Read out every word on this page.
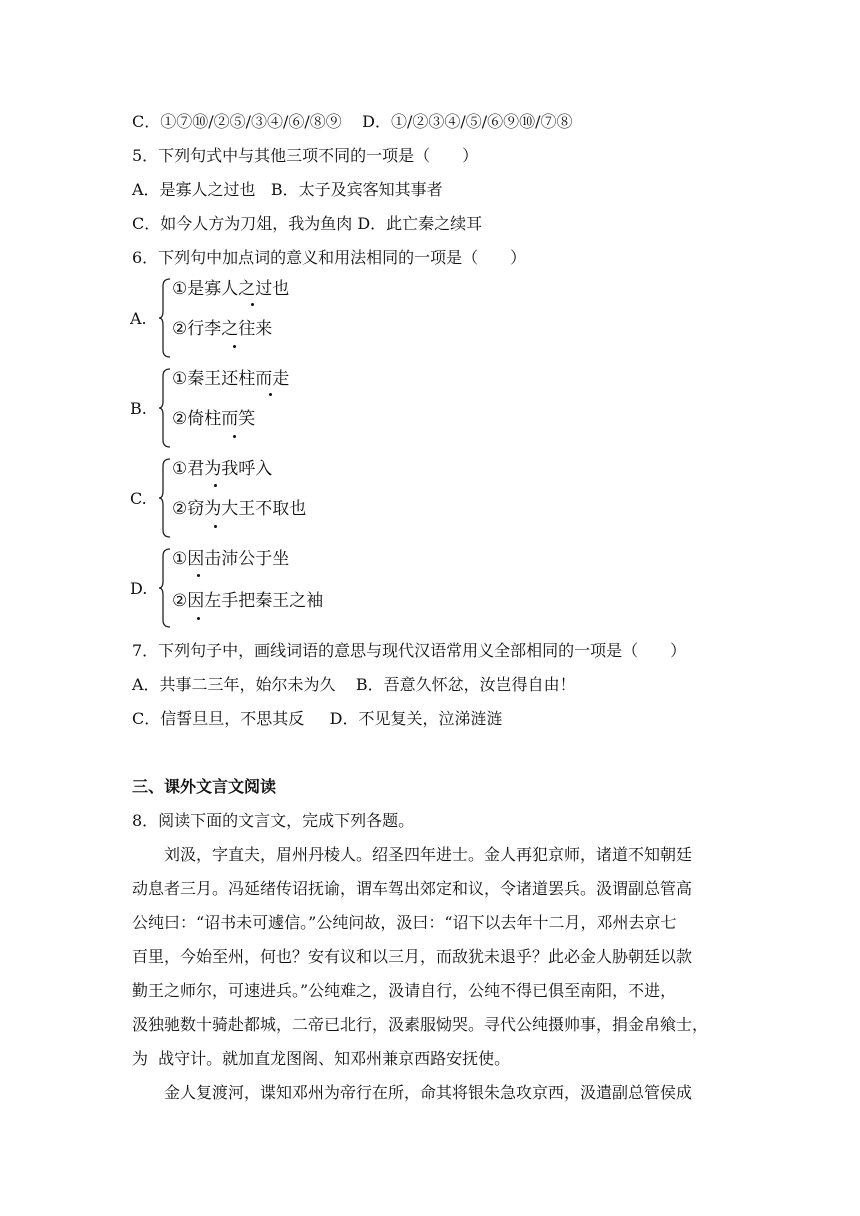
C．①⑦⑩/②⑤/③④/⑥/⑧⑨    D．①/②③④/⑤/⑥⑨⑩/⑦⑧
5．下列句式中与其他三项不同的一项是（　　）
A．是寡人之过也   B．太子及宾客知其事者
C．如今人方为刀俎，我为鱼肉 D．此亡秦之续耳
6．下列句中加点词的意义和用法相同的一项是（　　）
A.
①是寡人之过也
②行李之往来
B.
①秦王还柱而走
②倚柱而笑
C.
①君为我呼入
②窃为大王不取也
D.
①因击沛公于坐
②因左手把秦王之袖
7．下列句子中，画线词语的意思与现代汉语常用义全部相同的一项是（　　）
A．共事二三年，始尔未为久    B．吾意久怀忿，汝岂得自由！
C．信誓旦旦，不思其反     D．不见复关，泣涕涟涟
三、课外文言文阅读
8．阅读下面的文言文，完成下列各题。
　　刘汲，字直夫，眉州丹棱人。绍圣四年进士。金人再犯京师，诸道不知朝廷
动息者三月。冯延绪传诏抚谕，谓车驾出郊定和议，令诸道罢兵。汲谓副总管高
公纯曰：“诏书未可遽信。”公纯问故，汲曰：“诏下以去年十二月，邓州去京七
百里，今始至州，何也？安有议和以三月，而敌犹未退乎？此必金人胁朝廷以款
勤王之师尔，可速进兵。”公纯难之，汲请自行，公纯不得已俱至南阳，不进，
汲独驰数十骑赴都城，二帝已北行，汲素服恸哭。寻代公纯摄帅事，捐金帛飨士，
为  战守计。就加直龙图阁、知邓州兼京西路安抚使。
　　金人复渡河，谍知邓州为帝行在所，命其将银朱急攻京西，汲遣副总管侯成
